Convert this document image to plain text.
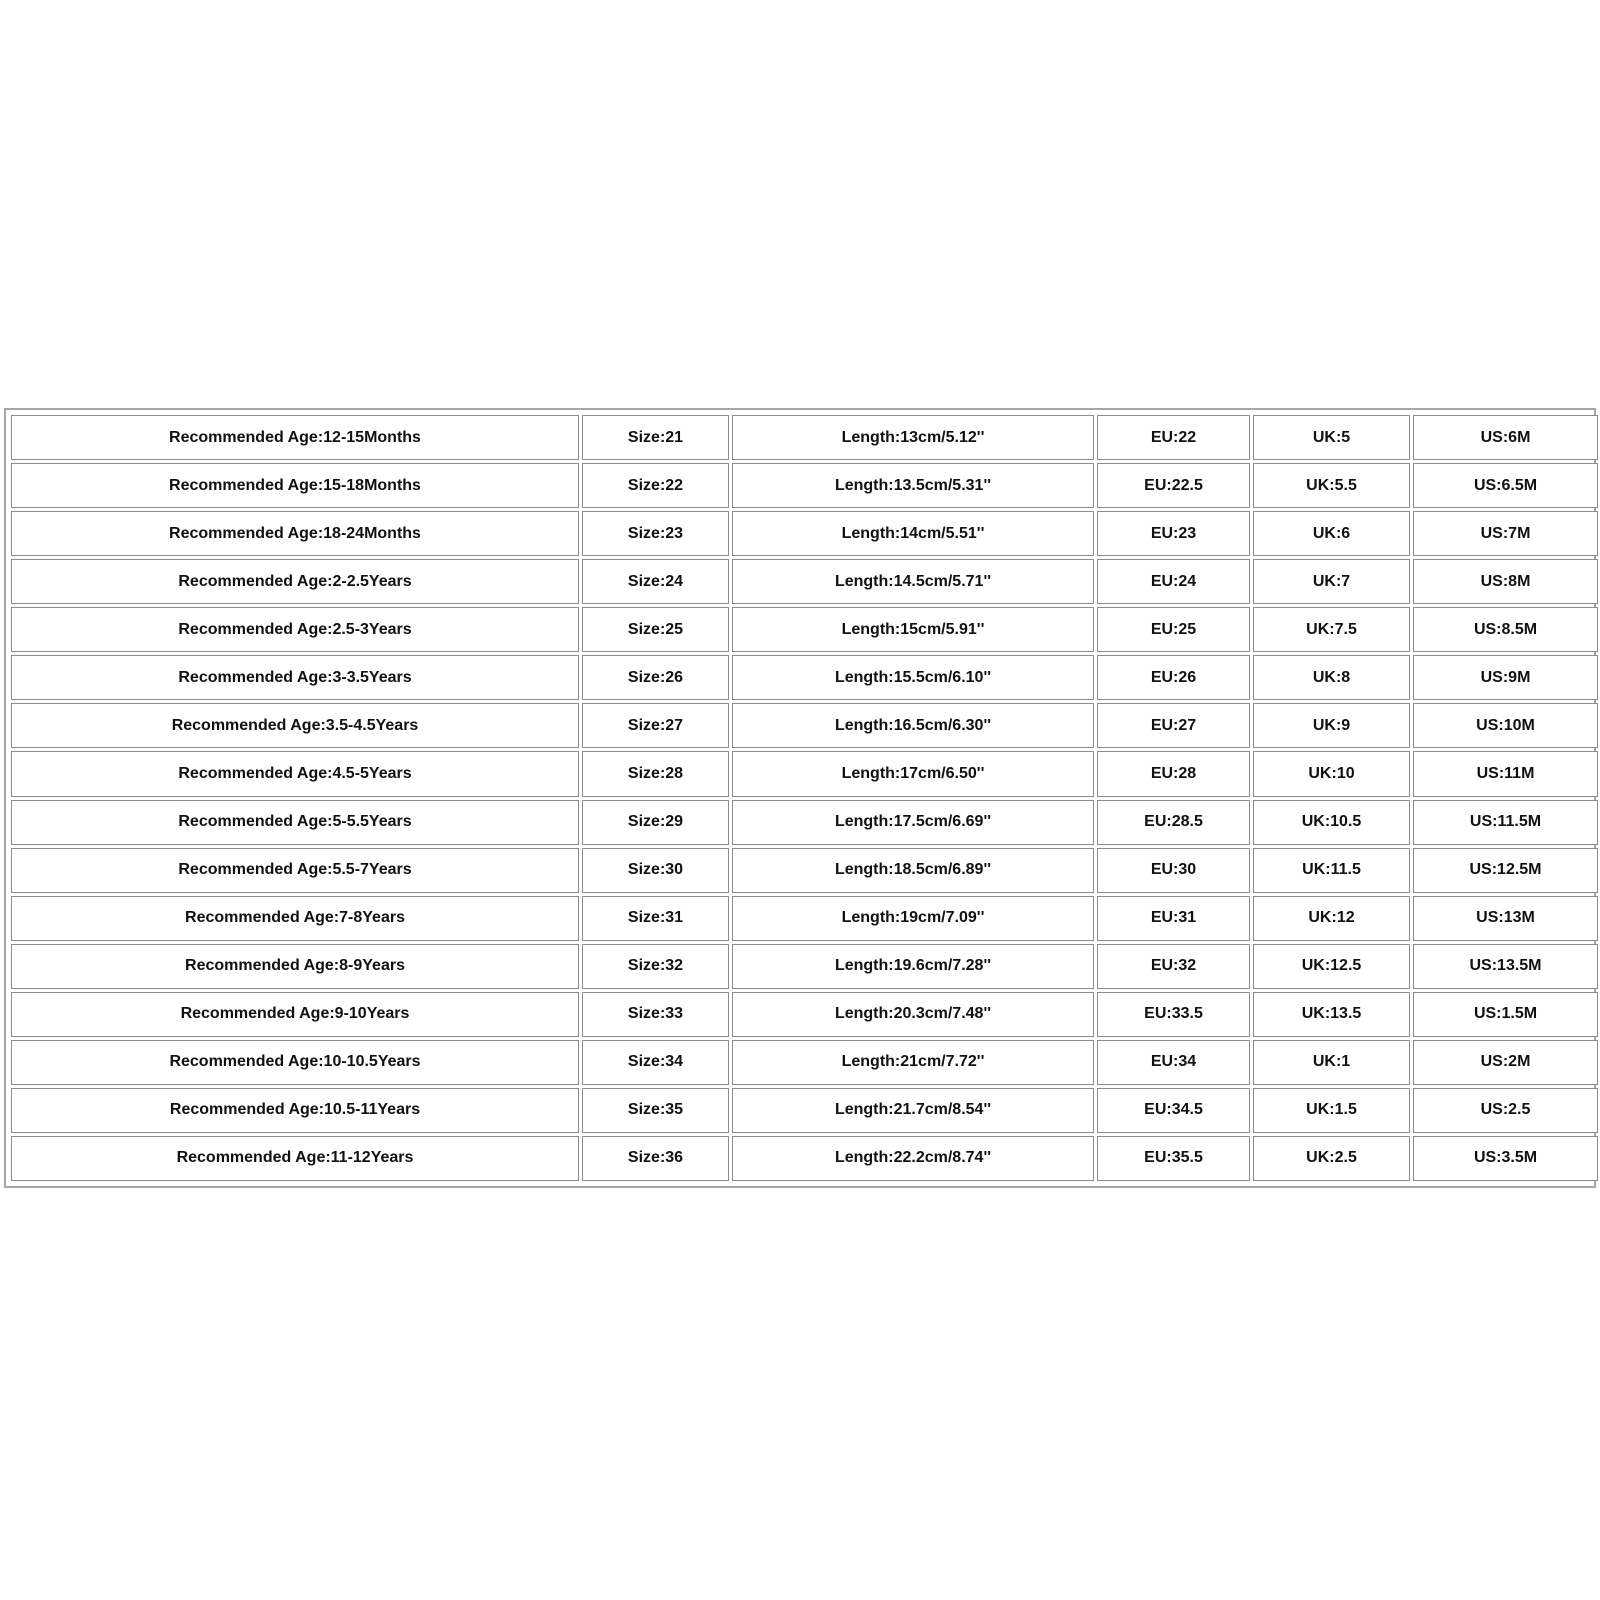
Recommended Age:12-15Months	Size:21	Length:13cm/5.12''	EU:22	UK:5	US:6M
Recommended Age:15-18Months	Size:22	Length:13.5cm/5.31''	EU:22.5	UK:5.5	US:6.5M
Recommended Age:18-24Months	Size:23	Length:14cm/5.51''	EU:23	UK:6	US:7M
Recommended Age:2-2.5Years	Size:24	Length:14.5cm/5.71''	EU:24	UK:7	US:8M
Recommended Age:2.5-3Years	Size:25	Length:15cm/5.91''	EU:25	UK:7.5	US:8.5M
Recommended Age:3-3.5Years	Size:26	Length:15.5cm/6.10''	EU:26	UK:8	US:9M
Recommended Age:3.5-4.5Years	Size:27	Length:16.5cm/6.30''	EU:27	UK:9	US:10M
Recommended Age:4.5-5Years	Size:28	Length:17cm/6.50''	EU:28	UK:10	US:11M
Recommended Age:5-5.5Years	Size:29	Length:17.5cm/6.69''	EU:28.5	UK:10.5	US:11.5M
Recommended Age:5.5-7Years	Size:30	Length:18.5cm/6.89''	EU:30	UK:11.5	US:12.5M
Recommended Age:7-8Years	Size:31	Length:19cm/7.09''	EU:31	UK:12	US:13M
Recommended Age:8-9Years	Size:32	Length:19.6cm/7.28''	EU:32	UK:12.5	US:13.5M
Recommended Age:9-10Years	Size:33	Length:20.3cm/7.48''	EU:33.5	UK:13.5	US:1.5M
Recommended Age:10-10.5Years	Size:34	Length:21cm/7.72''	EU:34	UK:1	US:2M
Recommended Age:10.5-11Years	Size:35	Length:21.7cm/8.54''	EU:34.5	UK:1.5	US:2.5
Recommended Age:11-12Years	Size:36	Length:22.2cm/8.74''	EU:35.5	UK:2.5	US:3.5M
